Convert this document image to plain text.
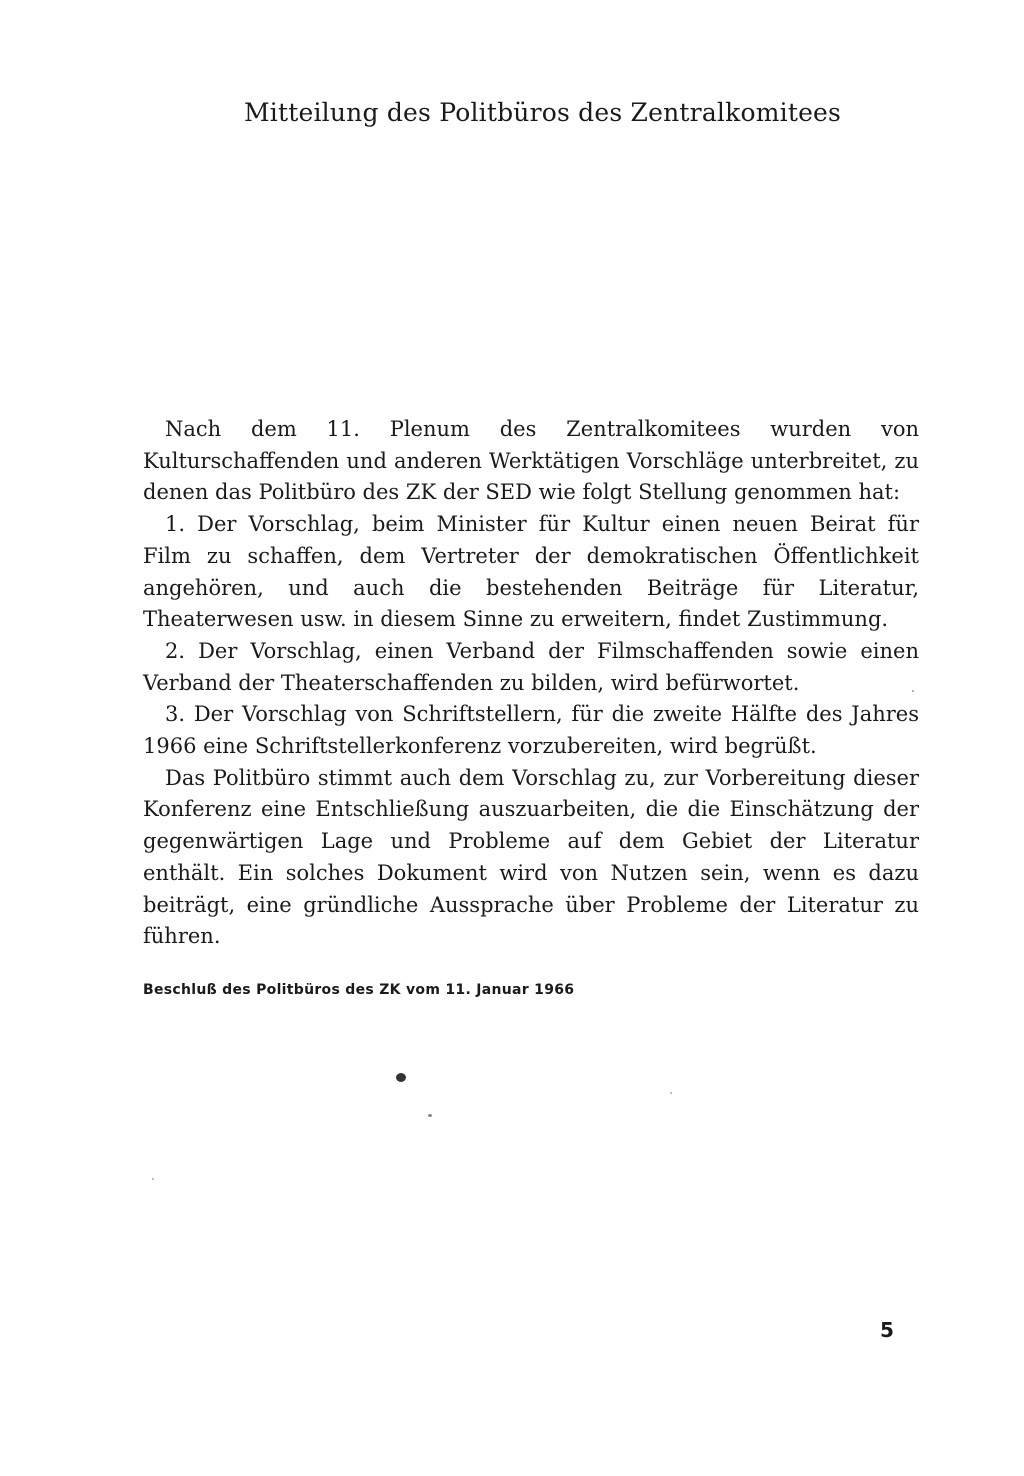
Mitteilung des Politbüros des Zentralkomitees

Nach dem 11. Plenum des Zentralkomitees wurden von Kulturschaffenden und anderen Werktätigen Vorschläge unterbreitet, zu denen das Politbüro des ZK der SED wie folgt Stellung genommen hat:

1. Der Vorschlag, beim Minister für Kultur einen neuen Beirat für Film zu schaffen, dem Vertreter der demokratischen Öffentlichkeit angehören, und auch die bestehenden Beiträge für Literatur, Theaterwesen usw. in diesem Sinne zu erweitern, findet Zustimmung.

2. Der Vorschlag, einen Verband der Filmschaffenden sowie einen Verband der Theaterschaffenden zu bilden, wird befürwortet.

3. Der Vorschlag von Schriftstellern, für die zweite Hälfte des Jahres 1966 eine Schriftstellerkonferenz vorzubereiten, wird begrüßt.

Das Politbüro stimmt auch dem Vorschlag zu, zur Vorbereitung dieser Konferenz eine Entschließung auszuarbeiten, die die Einschätzung der gegenwärtigen Lage und Probleme auf dem Gebiet der Literatur enthält. Ein solches Dokument wird von Nutzen sein, wenn es dazu beiträgt, eine gründliche Aussprache über Probleme der Literatur zu führen.

Beschluß des Politbüros des ZK vom 11. Januar 1966
5
